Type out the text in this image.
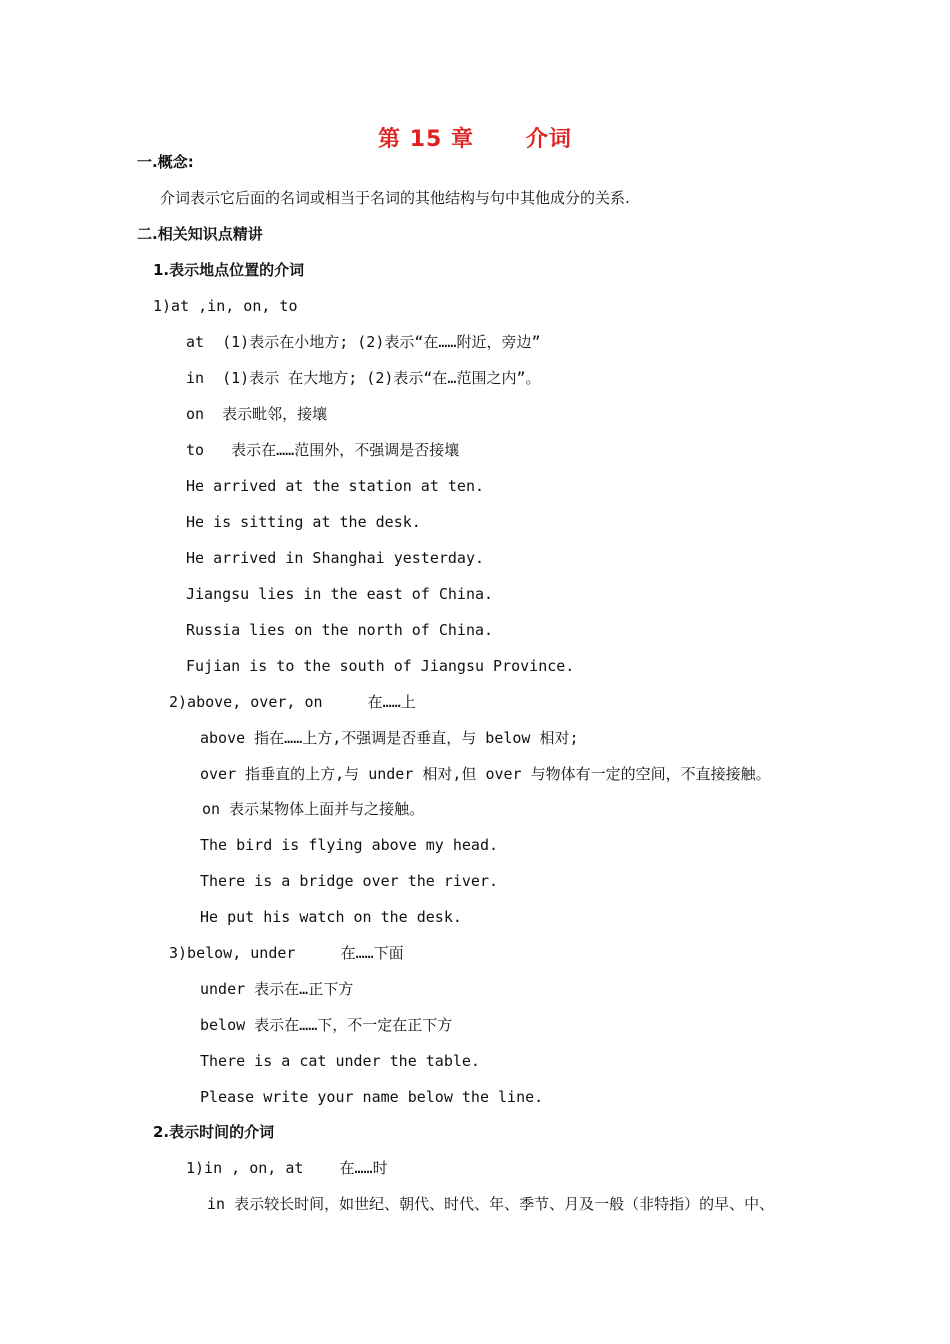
第 15 章      介词
一.概念:
介词表示它后面的名词或相当于名词的其他结构与句中其他成分的关系.
二.相关知识点精讲
1.表示地点位置的介词
1)at ,in, on, to
at  (1)表示在小地方; (2)表示“在……附近，旁边”
in  (1)表示 在大地方; (2)表示“在…范围之内”。
on  表示毗邻，接壤
to   表示在……范围外，不强调是否接壤
He arrived at the station at ten.
He is sitting at the desk.
He arrived in Shanghai yesterday.
Jiangsu lies in the east of China.
Russia lies on the north of China.
Fujian is to the south of Jiangsu Province.
2)above, over, on     在……上
above 指在……上方,不强调是否垂直，与 below 相对;
over 指垂直的上方,与 under 相对,但 over 与物体有一定的空间，不直接接触。
on 表示某物体上面并与之接触。
The bird is flying above my head.
There is a bridge over the river.
He put his watch on the desk.
3)below, under     在……下面
under 表示在…正下方
below 表示在……下，不一定在正下方
There is a cat under the table.
Please write your name below the line.
2.表示时间的介词
1)in , on, at    在……时
in 表示较长时间，如世纪、朝代、时代、年、季节、月及一般（非特指）的早、中、
